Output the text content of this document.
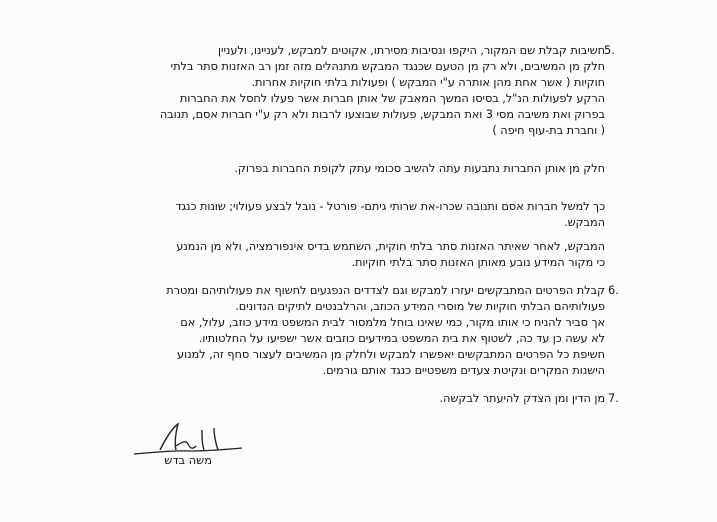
5.
חשיבות קבלת שם המקור, היקפו ונסיבות מסירתו, אקוטים למבקש, לעניינו, ולעניין
חלק מן המשיבים, ולא רק מן הטעם שכנגד המבקש מתנהלים מזה זמן רב האזנות סתר בלתי
חוקיות ( אשר אחת מהן אותרה ע"י המבקש ) ופעולות בלתי חוקיות אחרות.
הרקע לפעולות הנ"ל, בסיסו המשך המאבק של אותן חברות אשר פעלו לחסל את החברות
בפרוק ואת משיבה מסי 3 ואת המבקש, פעולות שבוצעו לרבות ולא רק ע"י חברות אסם, תנובה
( וחברת בת-עוף חיפה )
חלק מן אותן החברות נתבעות עתה להשיב סכומי עתק לקופת החברות בפרוק.
כך למשל חברות אסם ותנובה שכרו-את שרותי גיתם- פורטל - נובל לבצע פעולוי; שונות כנגד
המבקש.
המבקש, לאחר שאיתר האזנות סתר בלתי חוקית, השתמש בדיס אינפורמציה, ולא מן הנמנע
כי מקור המידע נובע מאותן האזנות סתר בלתי חוקיות.
6.
קבלת הפרטים המתבקשים יעזרו למבקש וגם לצדדים הנפגעים לחשוף את פעולותיהם ומטרת
פעולותיהם הבלתי חוקיות של מוסרי המידע הכוזב, והרלבנטים לתיקים הנדונים.
אך סביר להניח כי אותו מקור, כמי שאינו בוחל מלמסור לבית המשפט מידע כוזב, עלול, אם
לא עשה כן עד כה, לשטוף את בית המשפט במידעים כוזבים אשר ישפיעו על החלטותיו.
חשיפת כל הפרטים המתבקשים יאפשרו למבקש ולחלק מן המשיבים לעצור סחף זה, למנוע
הישנות המקרים ונקיטת צעדים משפטיים כנגד אותם גורמים.
7.
מן הדין ומן הצדק להיעתר לבקשה.
משה בדש
